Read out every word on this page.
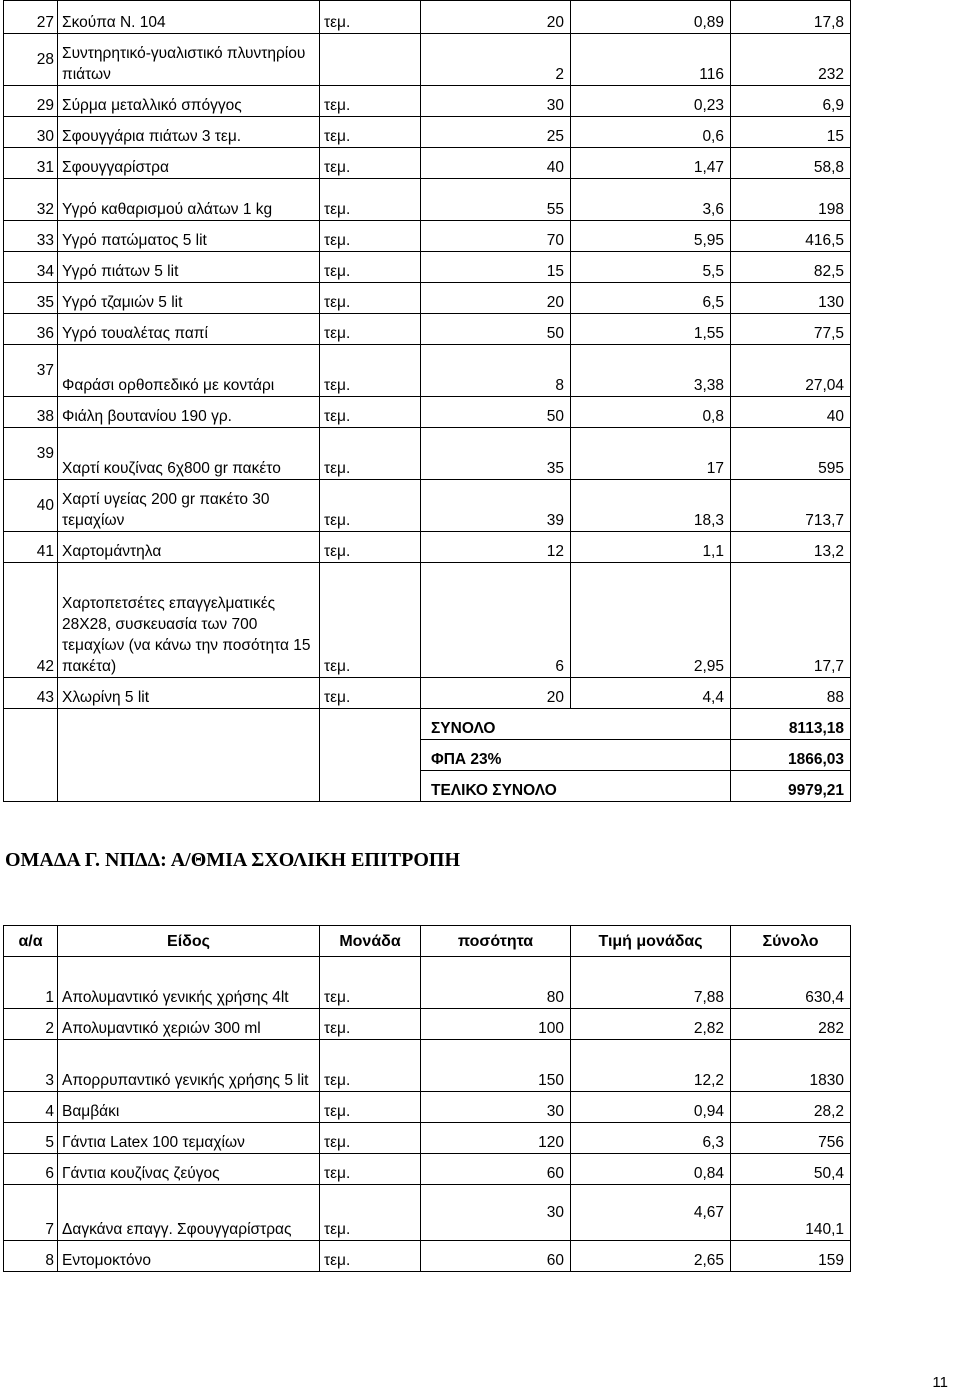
27	Σκούπα Ν. 104	τεμ.	20	0,89	17,8
28	Συντηρητικό-γυαλιστικό πλυντηρίου πιάτων		2	116	232
29	Σύρμα μεταλλικό σπόγγος	τεμ.	30	0,23	6,9
30	Σφουγγάρια πιάτων 3 τεμ.	τεμ.	25	0,6	15
31	Σφουγγαρίστρα	τεμ.	40	1,47	58,8
32	Υγρό καθαρισμού αλάτων 1 kg	τεμ.	55	3,6	198
33	Υγρό πατώματος 5 lit	τεμ.	70	5,95	416,5
34	Υγρό πιάτων 5 lit	τεμ.	15	5,5	82,5
35	Υγρό τζαμιών 5 lit	τεμ.	20	6,5	130
36	Υγρό τουαλέτας παπί	τεμ.	50	1,55	77,5
37	Φαράσι ορθοπεδικό με κοντάρι	τεμ.	8	3,38	27,04
38	Φιάλη βουτανίου 190 γρ.	τεμ.	50	0,8	40
39	Χαρτί κουζίνας 6χ800 gr πακέτο	τεμ.	35	17	595
40	Χαρτί υγείας 200 gr πακέτο 30 τεμαχίων	τεμ.	39	18,3	713,7
41	Χαρτομάντηλα	τεμ.	12	1,1	13,2
42	Χαρτοπετσέτες επαγγελματικές 28Χ28, συσκευασία των 700 τεμαχίων (να κάνω την ποσότητα 15 πακέτα)	τεμ.	6	2,95	17,7
43	Χλωρίνη 5 lit	τεμ.	20	4,4	88
			ΣΥΝΟΛΟ		8113,18
			ΦΠΑ 23%		1866,03
			ΤΕΛΙΚΟ ΣΥΝΟΛΟ		9979,21
ΟΜΑΔΑ Γ. ΝΠΔΔ: Α/ΘΜΙΑ ΣΧΟΛΙΚΗ ΕΠΙΤΡΟΠΗ
α/α	Είδος	Μονάδα	ποσότητα	Τιμή μονάδας	Σύνολο
1	Απολυμαντικό γενικής χρήσης 4lt	τεμ.	80	7,88	630,4
2	Απολυμαντικό χεριών 300 ml	τεμ.	100	2,82	282
3	Απορρυπαντικό γενικής χρήσης 5 lit	τεμ.	150	12,2	1830
4	Βαμβάκι	τεμ.	30	0,94	28,2
5	Γάντια Latex 100 τεμαχίων	τεμ.	120	6,3	756
6	Γάντια κουζίνας ζεύγος	τεμ.	60	0,84	50,4
7	Δαγκάνα επαγγ. Σφουγγαρίστρας	τεμ.	30	4,67	140,1
8	Εντομοκτόνο	τεμ.	60	2,65	159
11
